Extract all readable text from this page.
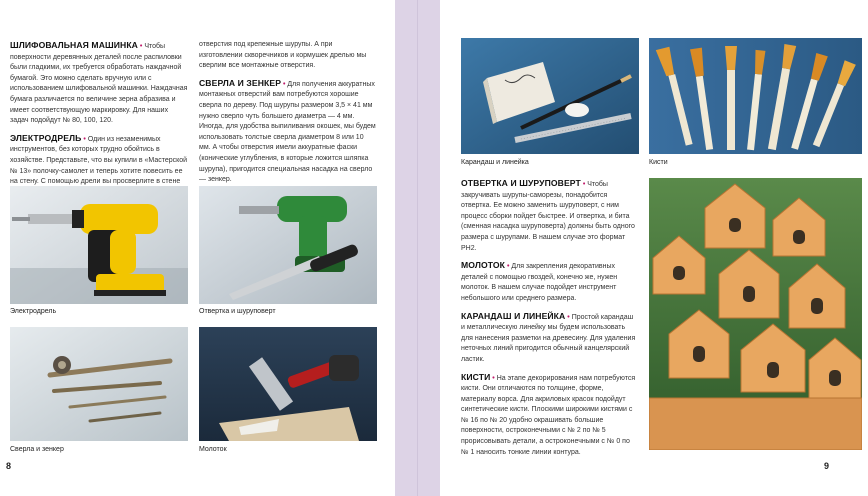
ШЛИФОВАЛЬНАЯ МАШИНКА • Чтобы поверхности деревянных деталей после распиловки были гладкими, их требуется обработать наждачной бумагой. Это можно сделать вручную или с использованием шлифовальной машинки. Наждачная бумага различается по величине зерна абразива и имеет соответствующую маркировку. Для наших задач подойдут № 80, 100, 120.

ЭЛЕКТРОДРЕЛЬ • Один из незаменимых инструментов, без которых трудно обойтись в хозяйстве. Представьте, что вы купили в «Мастерской № 13» полочку-самолет и теперь хотите повесить ее на стену. С помощью дрели вы просверлите в стене

отверстия под крепежные шурупы. А при изготовлении скворечников и кормушек дрелью мы сверлим все монтажные отверстия.

СВЕРЛА И ЗЕНКЕР • Для получения аккуратных монтажных отверстий вам потребуются хорошие сверла по дереву. Под шурупы размером 3,5 × 41 мм нужно сверло чуть большего диаметра — 4 мм. Иногда, для удобства выпиливания окошек, мы будем использовать толстые сверла диаметром 8 или 10 мм. А чтобы отверстия имели аккуратные фаски (конические углубления, в которые ложится шляпка шурупа), пригодится специальная насадка на сверло — зенкер.

Электродрель	Отвертка и шуруповерт
Сверла и зенкер	Молоток
8
Карандаш и линейка	Кисти

ОТВЕРТКА И ШУРУПОВЕРТ • Чтобы закручивать шурупы-саморезы, понадобится отвертка. Ее можно заменить шуруповерт, с ним процесс сборки пойдет быстрее. И отвертка, и бита (сменная насадка шуруповерта) должны быть одного размера с шурупами. В нашем случае это формат PH2.

МОЛОТОК • Для закрепления декоративных деталей с помощью гвоздей, конечно же, нужен молоток. В нашем случае подойдет инструмент небольшого или среднего размера.

КАРАНДАШ И ЛИНЕЙКА • Простой карандаш и металлическую линейку мы будем использовать для нанесения разметки на древесину. Для удаления неточных линий пригодится обычный канцелярский ластик.

КИСТИ • На этапе декорирования нам потребуются кисти. Они отличаются по толщине, форме, материалу ворса. Для акриловых красок подойдут синтетические кисти. Плоскими широкими кистями с № 16 по № 20 удобно окрашивать большие поверхности, остроконечными с № 2 по № 5 прорисовывать детали, а остроконечными с № 0 по № 1 наносить тонкие линии контура.

9
